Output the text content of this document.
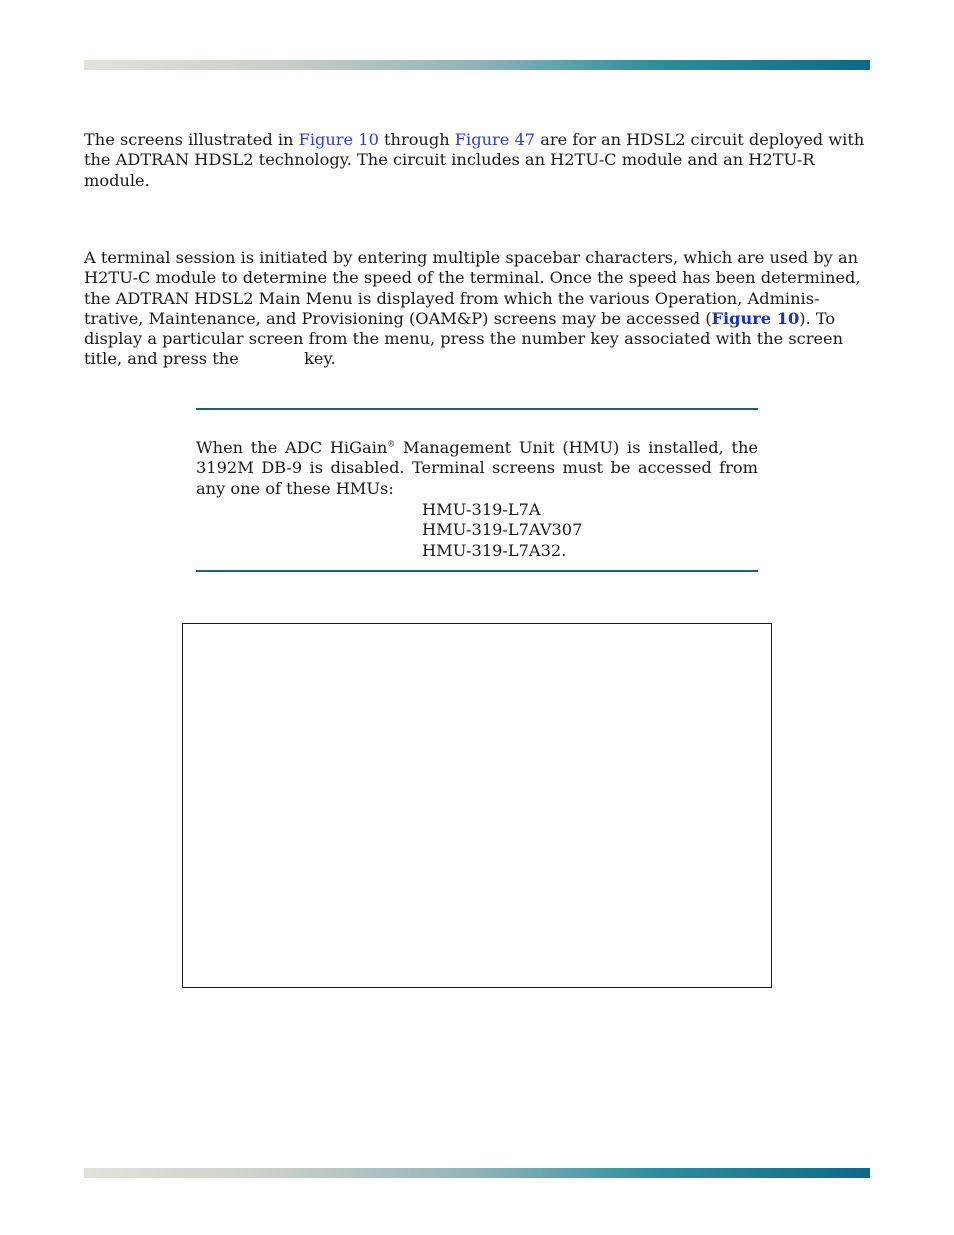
The screens illustrated in Figure 10 through Figure 47 are for an HDSL2 circuit deployed with the ADTRAN HDSL2 technology. The circuit includes an H2TU-C module and an H2TU-R module.

A terminal session is initiated by entering multiple spacebar characters, which are used by an H2TU-C module to determine the speed of the terminal. Once the speed has been determined, the ADTRAN HDSL2 Main Menu is displayed from which the various Operation, Adminis-trative, Maintenance, and Provisioning (OAM&P) screens may be accessed (Figure 10). To display a particular screen from the menu, press the number key associated with the screen title, and press the	key.

When the ADC HiGain® Management Unit (HMU) is installed, the 3192M DB-9 is disabled. Terminal screens must be accessed from any one of these HMUs:

HMU-319-L7A
HMU-319-L7AV307
HMU-319-L7A32.
